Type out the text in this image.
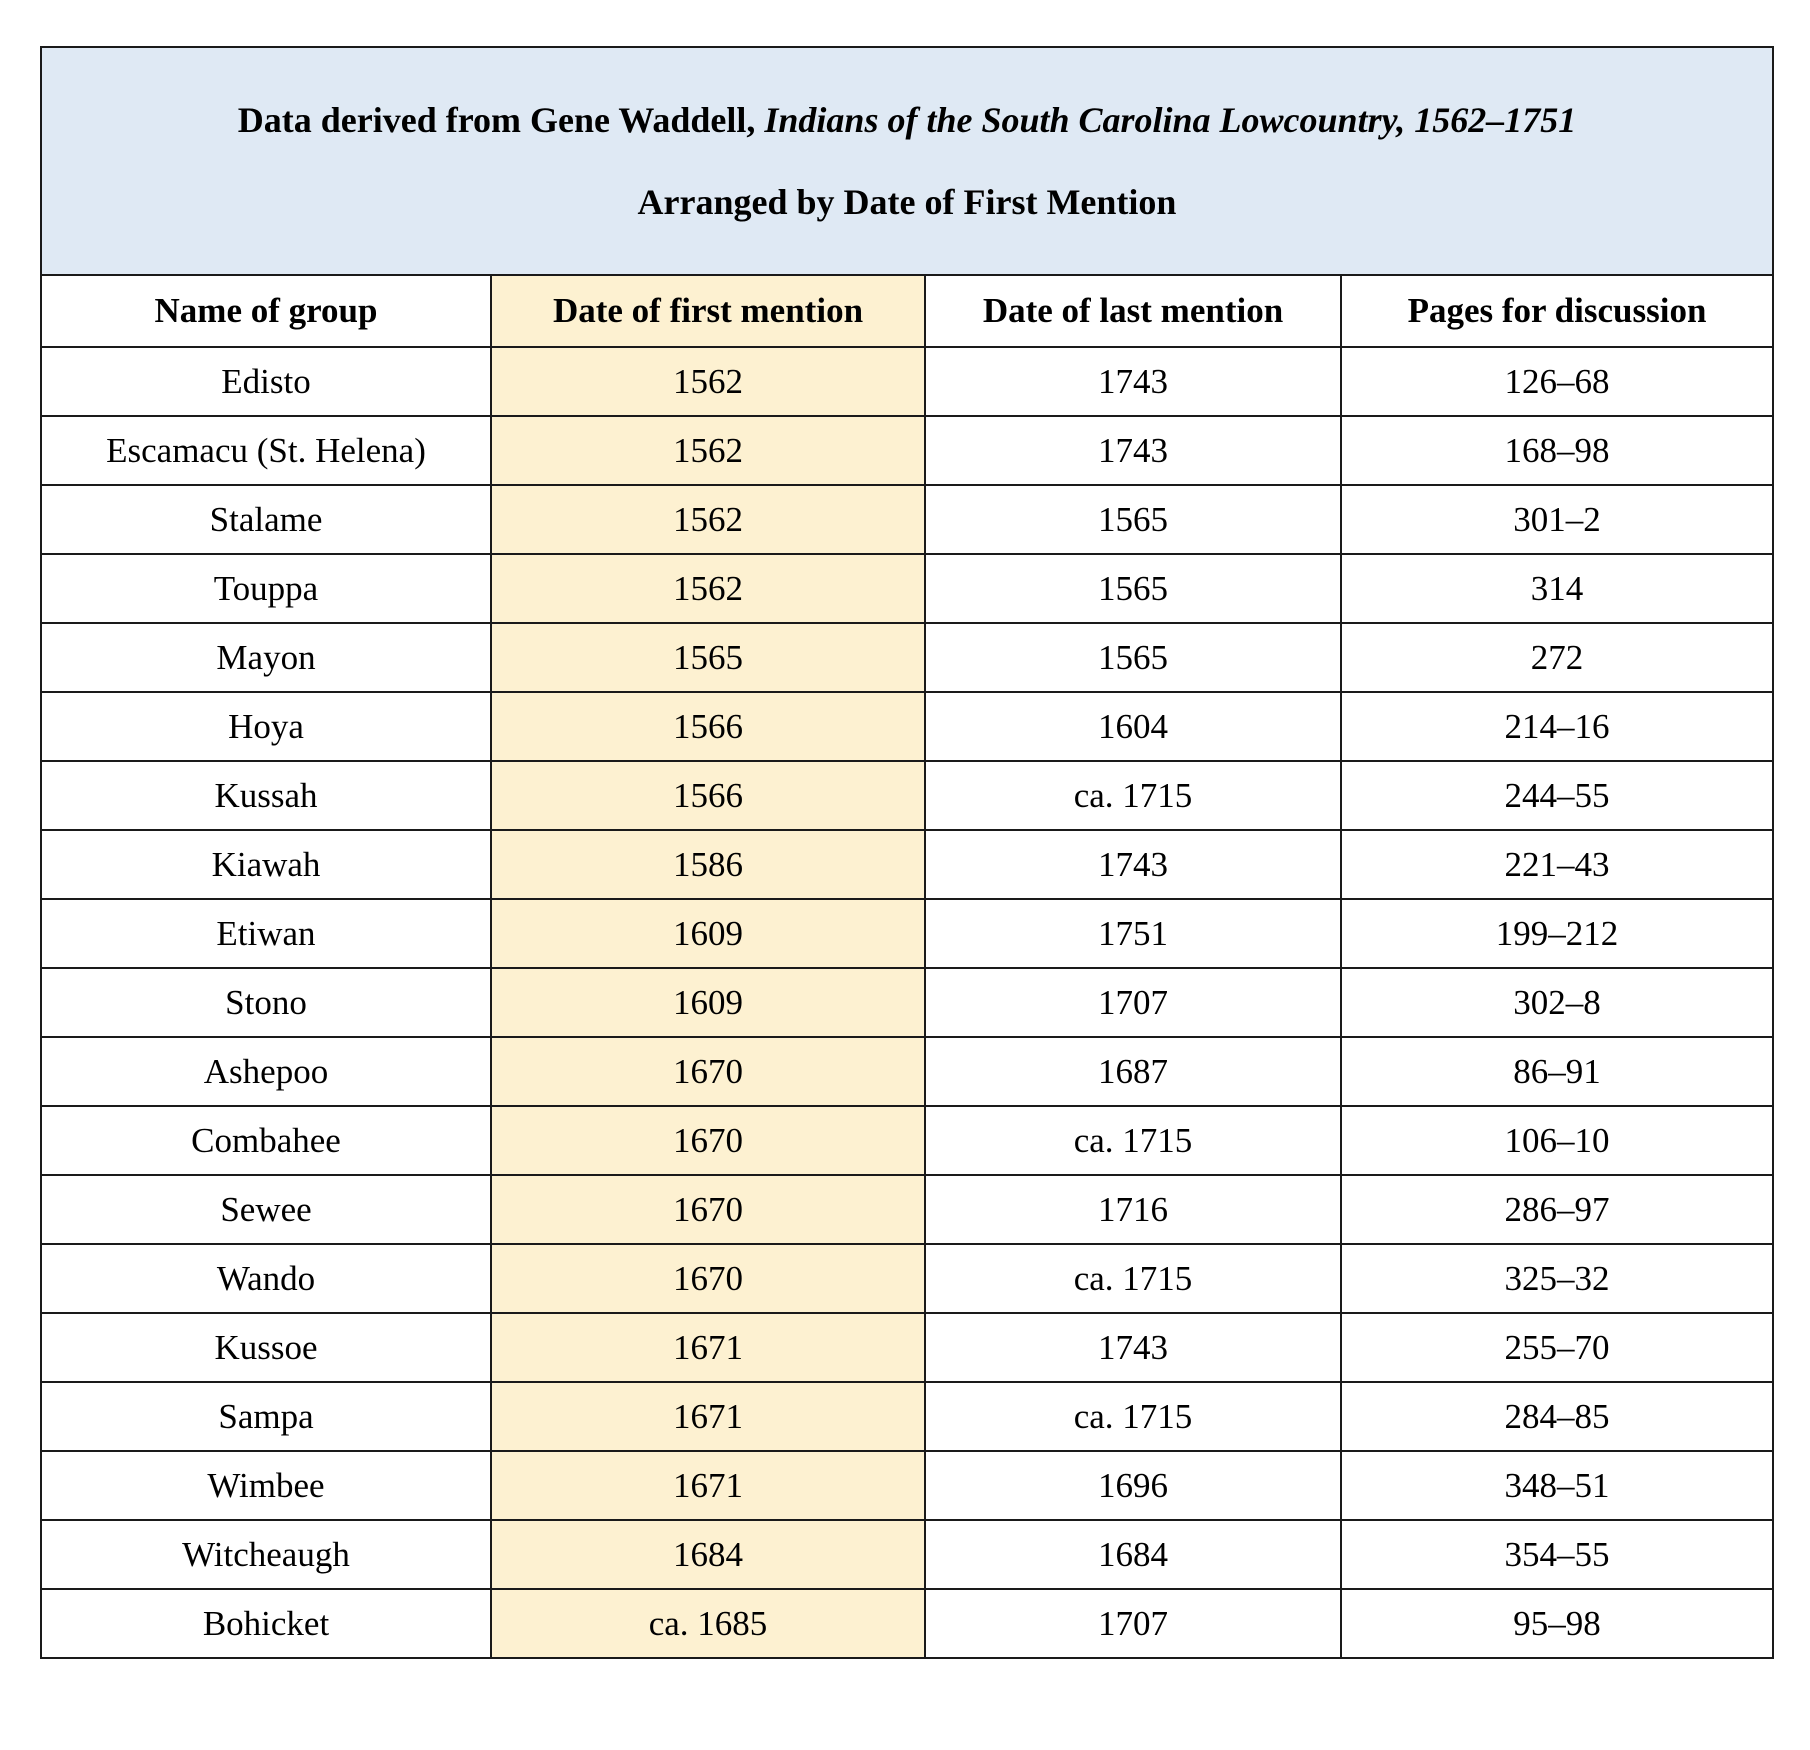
Data derived from Gene Waddell, Indians of the South Carolina Lowcountry, 1562–1751
Arranged by Date of First Mention			

Name of group	Date of first mention	Date of last mention	Pages for discussion
Edisto	1562	1743	126–68
Escamacu (St. Helena)	1562	1743	168–98
Stalame	1562	1565	301–2
Touppa	1562	1565	314
Mayon	1565	1565	272
Hoya	1566	1604	214–16
Kussah	1566	ca. 1715	244–55
Kiawah	1586	1743	221–43
Etiwan	1609	1751	199–212
Stono	1609	1707	302–8
Ashepoo	1670	1687	86–91
Combahee	1670	ca. 1715	106–10
Sewee	1670	1716	286–97
Wando	1670	ca. 1715	325–32
Kussoe	1671	1743	255–70
Sampa	1671	ca. 1715	284–85
Wimbee	1671	1696	348–51
Witcheaugh	1684	1684	354–55
Bohicket	ca. 1685	1707	95–98
